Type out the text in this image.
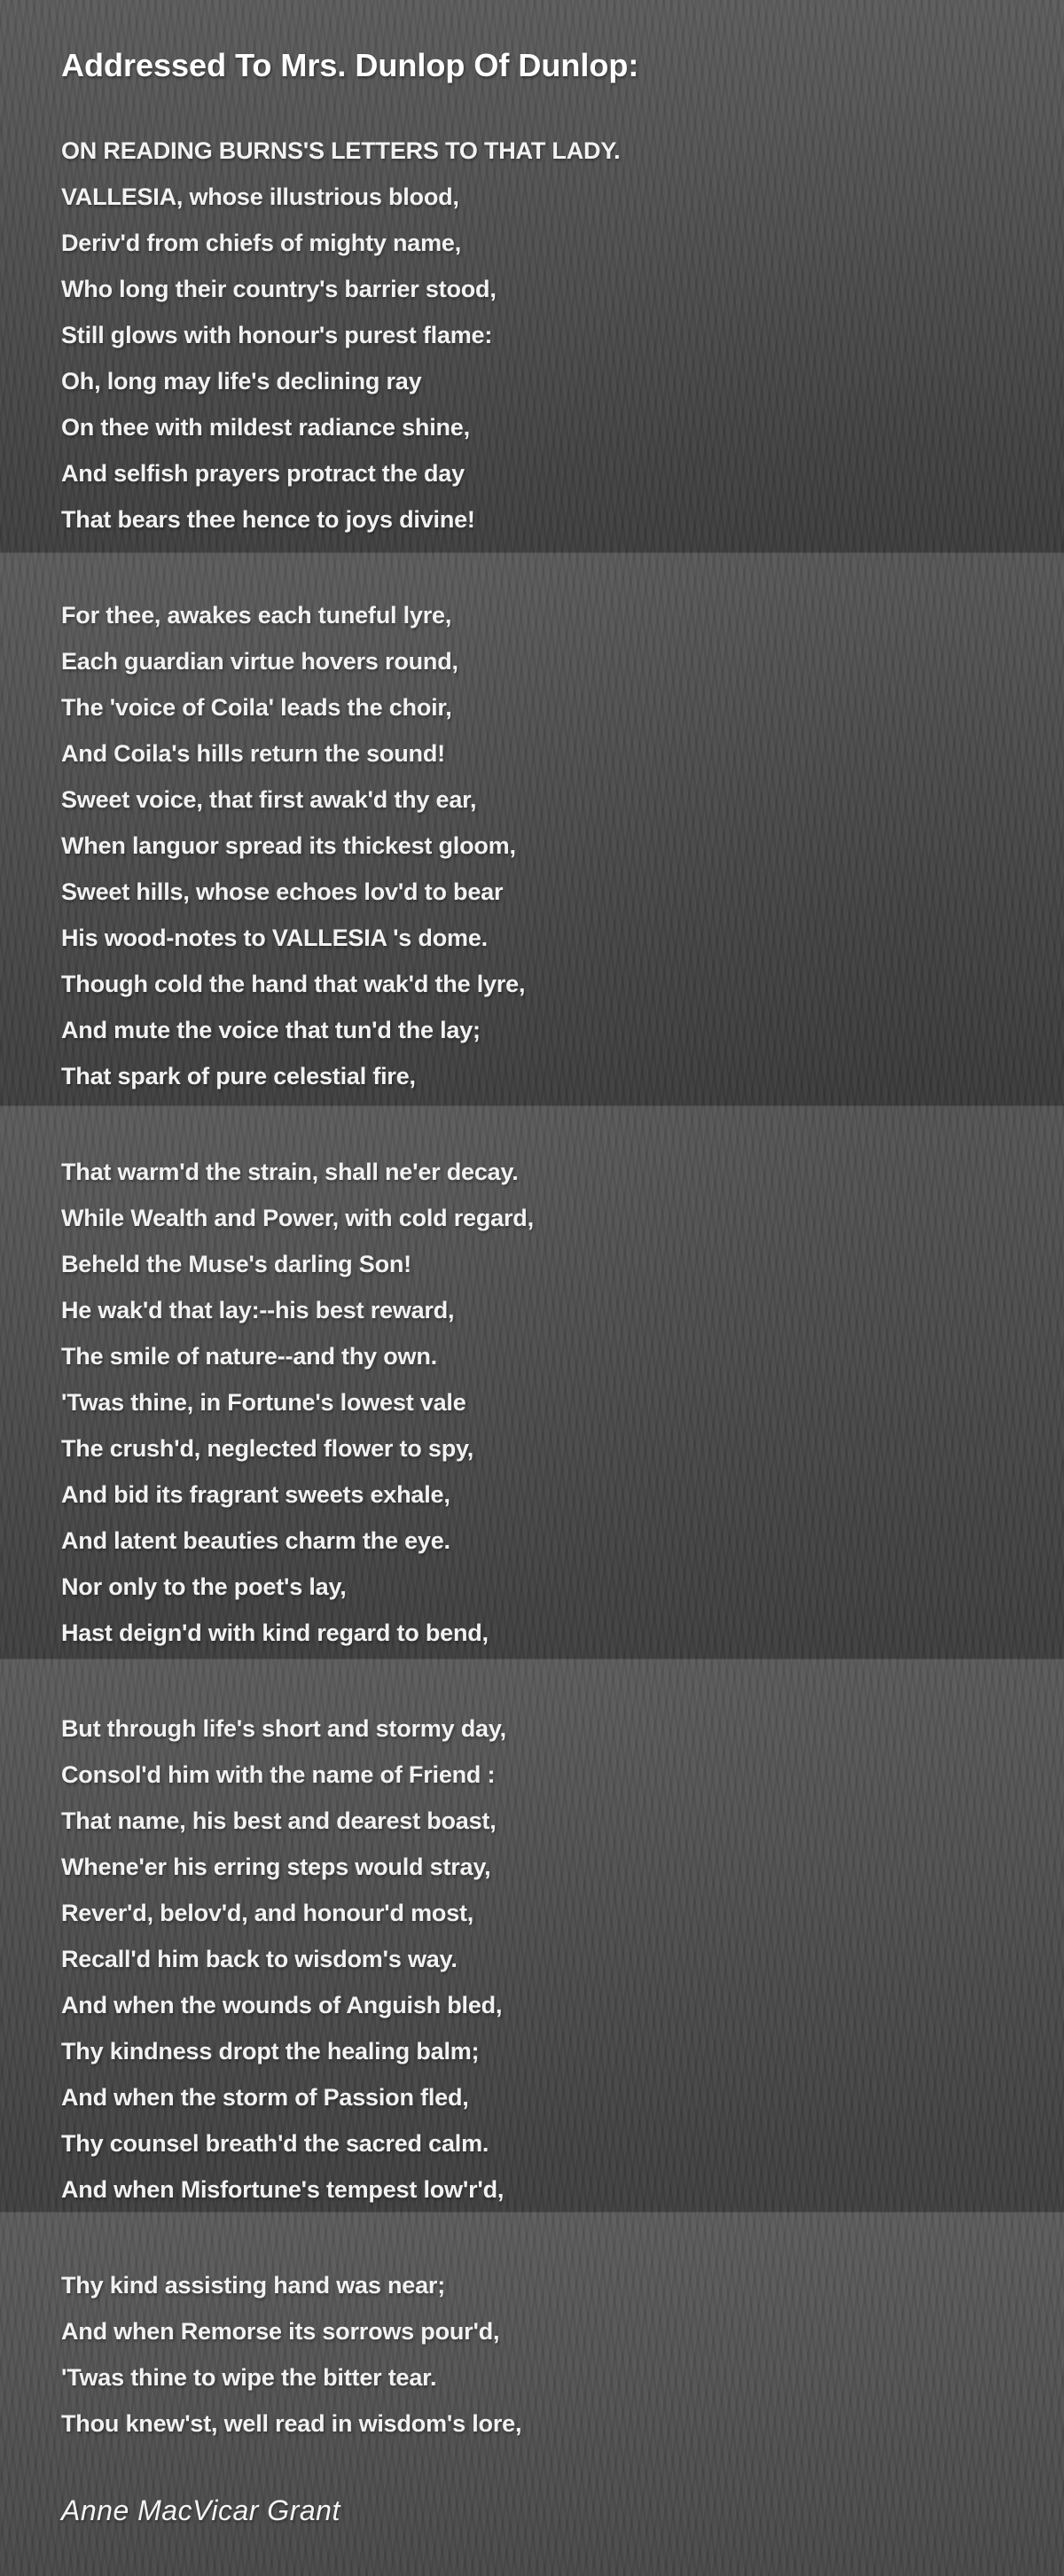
Addressed To Mrs. Dunlop Of Dunlop:
ON READING BURNS'S LETTERS TO THAT LADY.
VALLESIA, whose illustrious blood,
Deriv'd from chiefs of mighty name,
Who long their country's barrier stood,
Still glows with honour's purest flame:
Oh, long may life's declining ray
On thee with mildest radiance shine,
And selfish prayers protract the day
That bears thee hence to joys divine!
For thee, awakes each tuneful lyre,
Each guardian virtue hovers round,
The 'voice of Coila' leads the choir,
And Coila's hills return the sound!
Sweet voice, that first awak'd thy ear,
When languor spread its thickest gloom,
Sweet hills, whose echoes lov'd to bear
His wood-notes to VALLESIA 's dome.
Though cold the hand that wak'd the lyre,
And mute the voice that tun'd the lay;
That spark of pure celestial fire,
That warm'd the strain, shall ne'er decay.
While Wealth and Power, with cold regard,
Beheld the Muse's darling Son!
He wak'd that lay:--his best reward,
The smile of nature--and thy own.
'Twas thine, in Fortune's lowest vale
The crush'd, neglected flower to spy,
And bid its fragrant sweets exhale,
And latent beauties charm the eye.
Nor only to the poet's lay,
Hast deign'd with kind regard to bend,
But through life's short and stormy day,
Consol'd him with the name of Friend :
That name, his best and dearest boast,
Whene'er his erring steps would stray,
Rever'd, belov'd, and honour'd most,
Recall'd him back to wisdom's way.
And when the wounds of Anguish bled,
Thy kindness dropt the healing balm;
And when the storm of Passion fled,
Thy counsel breath'd the sacred calm.
And when Misfortune's tempest low'r'd,
Thy kind assisting hand was near;
And when Remorse its sorrows pour'd,
'Twas thine to wipe the bitter tear.
Thou knew'st, well read in wisdom's lore,
Anne MacVicar Grant
